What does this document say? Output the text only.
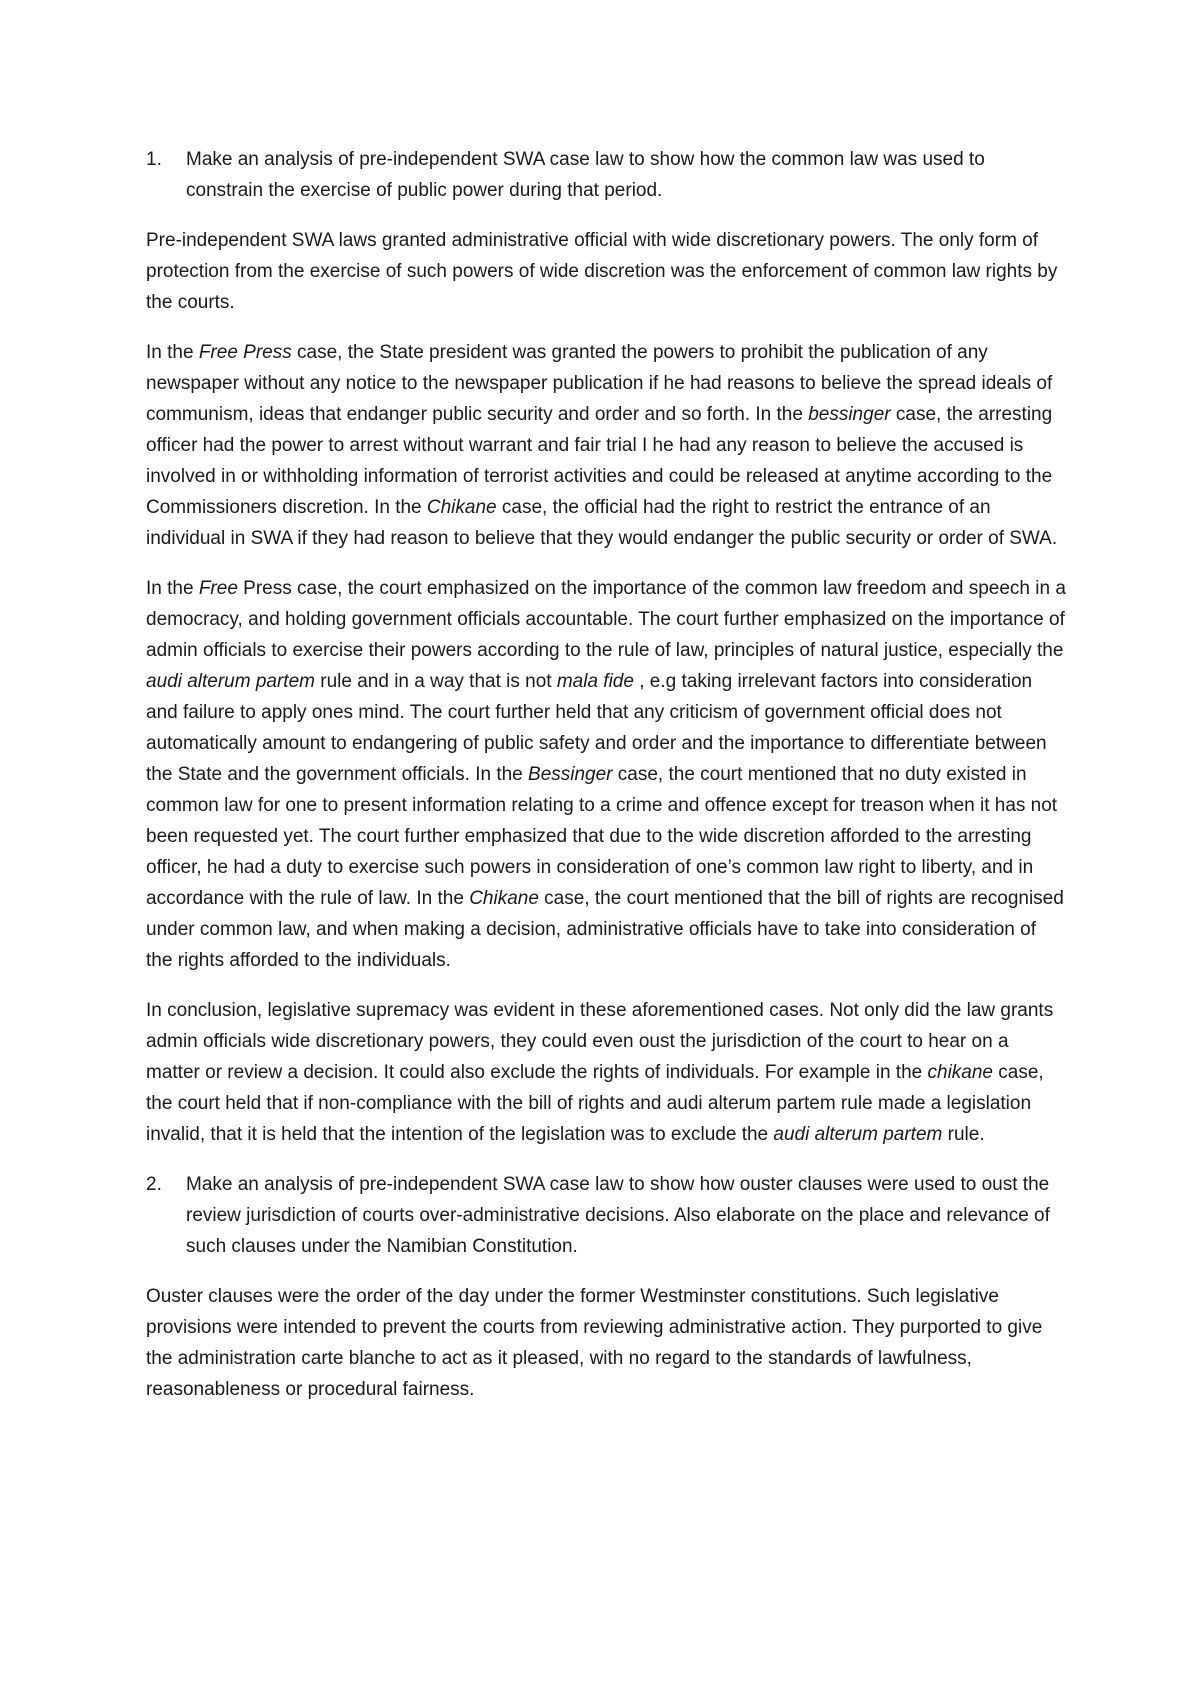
1. Make an analysis of pre-independent SWA case law to show how the common law was used to constrain the exercise of public power during that period.

Pre-independent SWA laws granted administrative official with wide discretionary powers. The only form of protection from the exercise of such powers of wide discretion was the enforcement of common law rights by the courts.

In the Free Press case, the State president was granted the powers to prohibit the publication of any newspaper without any notice to the newspaper publication if he had reasons to believe the spread ideals of communism, ideas that endanger public security and order and so forth. In the bessinger case, the arresting officer had the power to arrest without warrant and fair trial I he had any reason to believe the accused is involved in or withholding information of terrorist activities and could be released at anytime according to the Commissioners discretion. In the Chikane case, the official had the right to restrict the entrance of an individual in SWA if they had reason to believe that they would endanger the public security or order of SWA.

In the Free Press case, the court emphasized on the importance of the common law freedom and speech in a democracy, and holding government officials accountable. The court further emphasized on the importance of admin officials to exercise their powers according to the rule of law, principles of natural justice, especially the audi alterum partem rule and in a way that is not mala fide , e.g taking irrelevant factors into consideration and failure to apply ones mind. The court further held that any criticism of government official does not automatically amount to endangering of public safety and order and the importance to differentiate between the State and the government officials. In the Bessinger case, the court mentioned that no duty existed in common law for one to present information relating to a crime and offence except for treason when it has not been requested yet. The court further emphasized that due to the wide discretion afforded to the arresting officer, he had a duty to exercise such powers in consideration of one’s common law right to liberty, and in accordance with the rule of law. In the Chikane case, the court mentioned that the bill of rights are recognised under common law, and when making a decision, administrative officials have to take into consideration of the rights afforded to the individuals.

In conclusion, legislative supremacy was evident in these aforementioned cases. Not only did the law grants admin officials wide discretionary powers, they could even oust the jurisdiction of the court to hear on a matter or review a decision. It could also exclude the rights of individuals. For example in the chikane case, the court held that if non-compliance with the bill of rights and audi alterum partem rule made a legislation invalid, that it is held that the intention of the legislation was to exclude the audi alterum partem rule.

2. Make an analysis of pre-independent SWA case law to show how ouster clauses were used to oust the review jurisdiction of courts over-administrative decisions. Also elaborate on the place and relevance of such clauses under the Namibian Constitution.

Ouster clauses were the order of the day under the former Westminster constitutions. Such legislative provisions were intended to prevent the courts from reviewing administrative action. They purported to give the administration carte blanche to act as it pleased, with no regard to the standards of lawfulness, reasonableness or procedural fairness.
